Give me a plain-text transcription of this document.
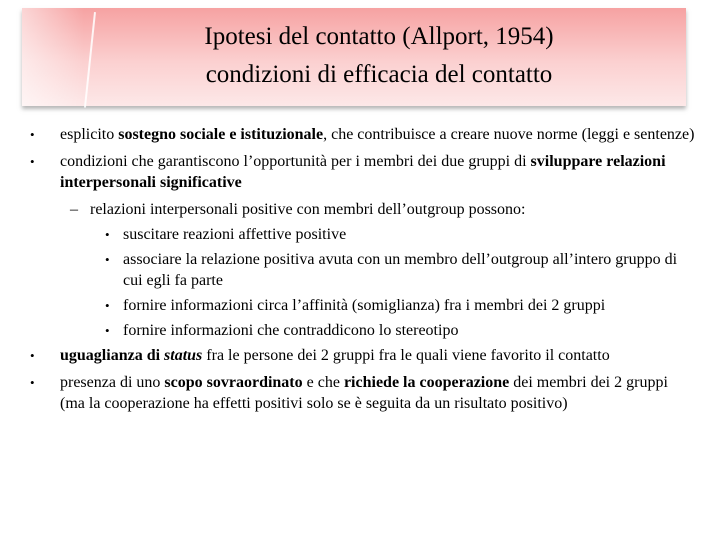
Ipotesi del contatto (Allport, 1954)
condizioni di efficacia del contatto
• esplicito sostegno sociale e istituzionale, che contribuisce a creare nuove norme (leggi e sentenze)
• condizioni che garantiscono l’opportunità per i membri dei due gruppi di sviluppare relazioni interpersonali significative
– relazioni interpersonali positive con membri dell’outgroup possono:
• suscitare reazioni affettive positive
• associare la relazione positiva avuta con un membro dell’outgroup all’intero gruppo di cui egli fa parte
• fornire informazioni circa l’affinità (somiglianza) fra i membri dei 2 gruppi
• fornire informazioni che contraddicono lo stereotipo
• uguaglianza di status fra le persone dei 2 gruppi fra le quali viene favorito il contatto
• presenza di uno scopo sovraordinato e che richiede la cooperazione dei membri dei 2 gruppi (ma la cooperazione ha effetti positivi solo se è seguita da un risultato positivo)
